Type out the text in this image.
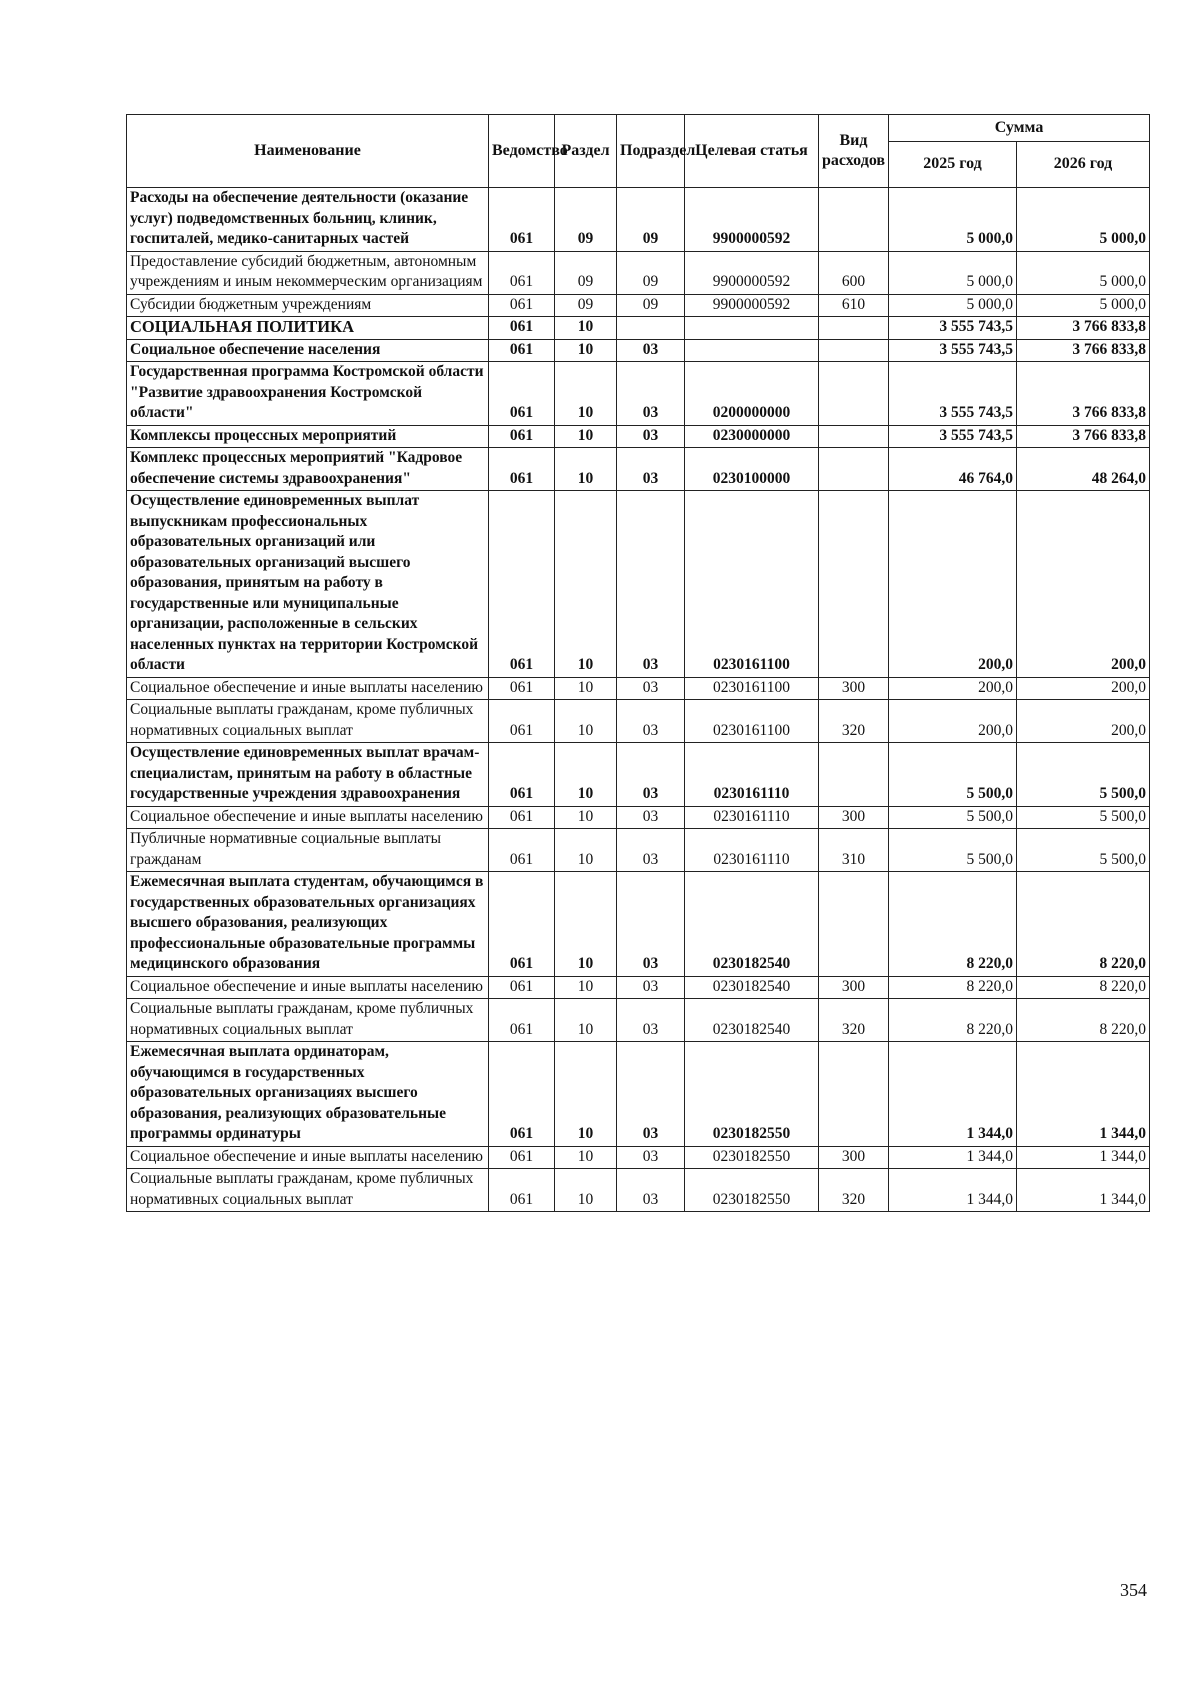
Наименование	Ведомство	Раздел	Подраздел	Целевая статья	Вид расходов	Сумма	
						2025 год	2026 год
Расходы на обеспечение деятельности (оказание услуг) подведомственных больниц, клиник, госпиталей, медико-санитарных частей	061	09	09	9900000592		5 000,0	5 000,0
Предоставление субсидий бюджетным, автономным учреждениям и иным некоммерческим организациям	061	09	09	9900000592	600	5 000,0	5 000,0
Субсидии бюджетным учреждениям	061	09	09	9900000592	610	5 000,0	5 000,0
СОЦИАЛЬНАЯ ПОЛИТИКА	061	10				3 555 743,5	3 766 833,8
Социальное обеспечение населения	061	10	03			3 555 743,5	3 766 833,8
Государственная программа Костромской области "Развитие здравоохранения Костромской области"	061	10	03	0200000000		3 555 743,5	3 766 833,8
Комплексы процессных мероприятий	061	10	03	0230000000		3 555 743,5	3 766 833,8
Комплекс процессных мероприятий "Кадровое обеспечение системы здравоохранения"	061	10	03	0230100000		46 764,0	48 264,0
Осуществление единовременных выплат выпускникам профессиональных образовательных организаций или образовательных организаций высшего образования, принятым на работу в государственные или муниципальные организации, расположенные в сельских населенных пунктах на территории Костромской области	061	10	03	0230161100		200,0	200,0
Социальное обеспечение и иные выплаты населению	061	10	03	0230161100	300	200,0	200,0
Социальные выплаты гражданам, кроме публичных нормативных социальных выплат	061	10	03	0230161100	320	200,0	200,0
Осуществление единовременных выплат врачам-специалистам, принятым на работу в областные государственные учреждения здравоохранения	061	10	03	0230161110		5 500,0	5 500,0
Социальное обеспечение и иные выплаты населению	061	10	03	0230161110	300	5 500,0	5 500,0
Публичные нормативные социальные выплаты гражданам	061	10	03	0230161110	310	5 500,0	5 500,0
Ежемесячная выплата студентам, обучающимся в государственных образовательных организациях высшего образования, реализующих профессиональные образовательные программы медицинского образования	061	10	03	0230182540		8 220,0	8 220,0
Социальное обеспечение и иные выплаты населению	061	10	03	0230182540	300	8 220,0	8 220,0
Социальные выплаты гражданам, кроме публичных нормативных социальных выплат	061	10	03	0230182540	320	8 220,0	8 220,0
Ежемесячная выплата ординаторам, обучающимся в государственных образовательных организациях высшего образования, реализующих образовательные программы ординатуры	061	10	03	0230182550		1 344,0	1 344,0
Социальное обеспечение и иные выплаты населению	061	10	03	0230182550	300	1 344,0	1 344,0
Социальные выплаты гражданам, кроме публичных нормативных социальных выплат	061	10	03	0230182550	320	1 344,0	1 344,0
354
